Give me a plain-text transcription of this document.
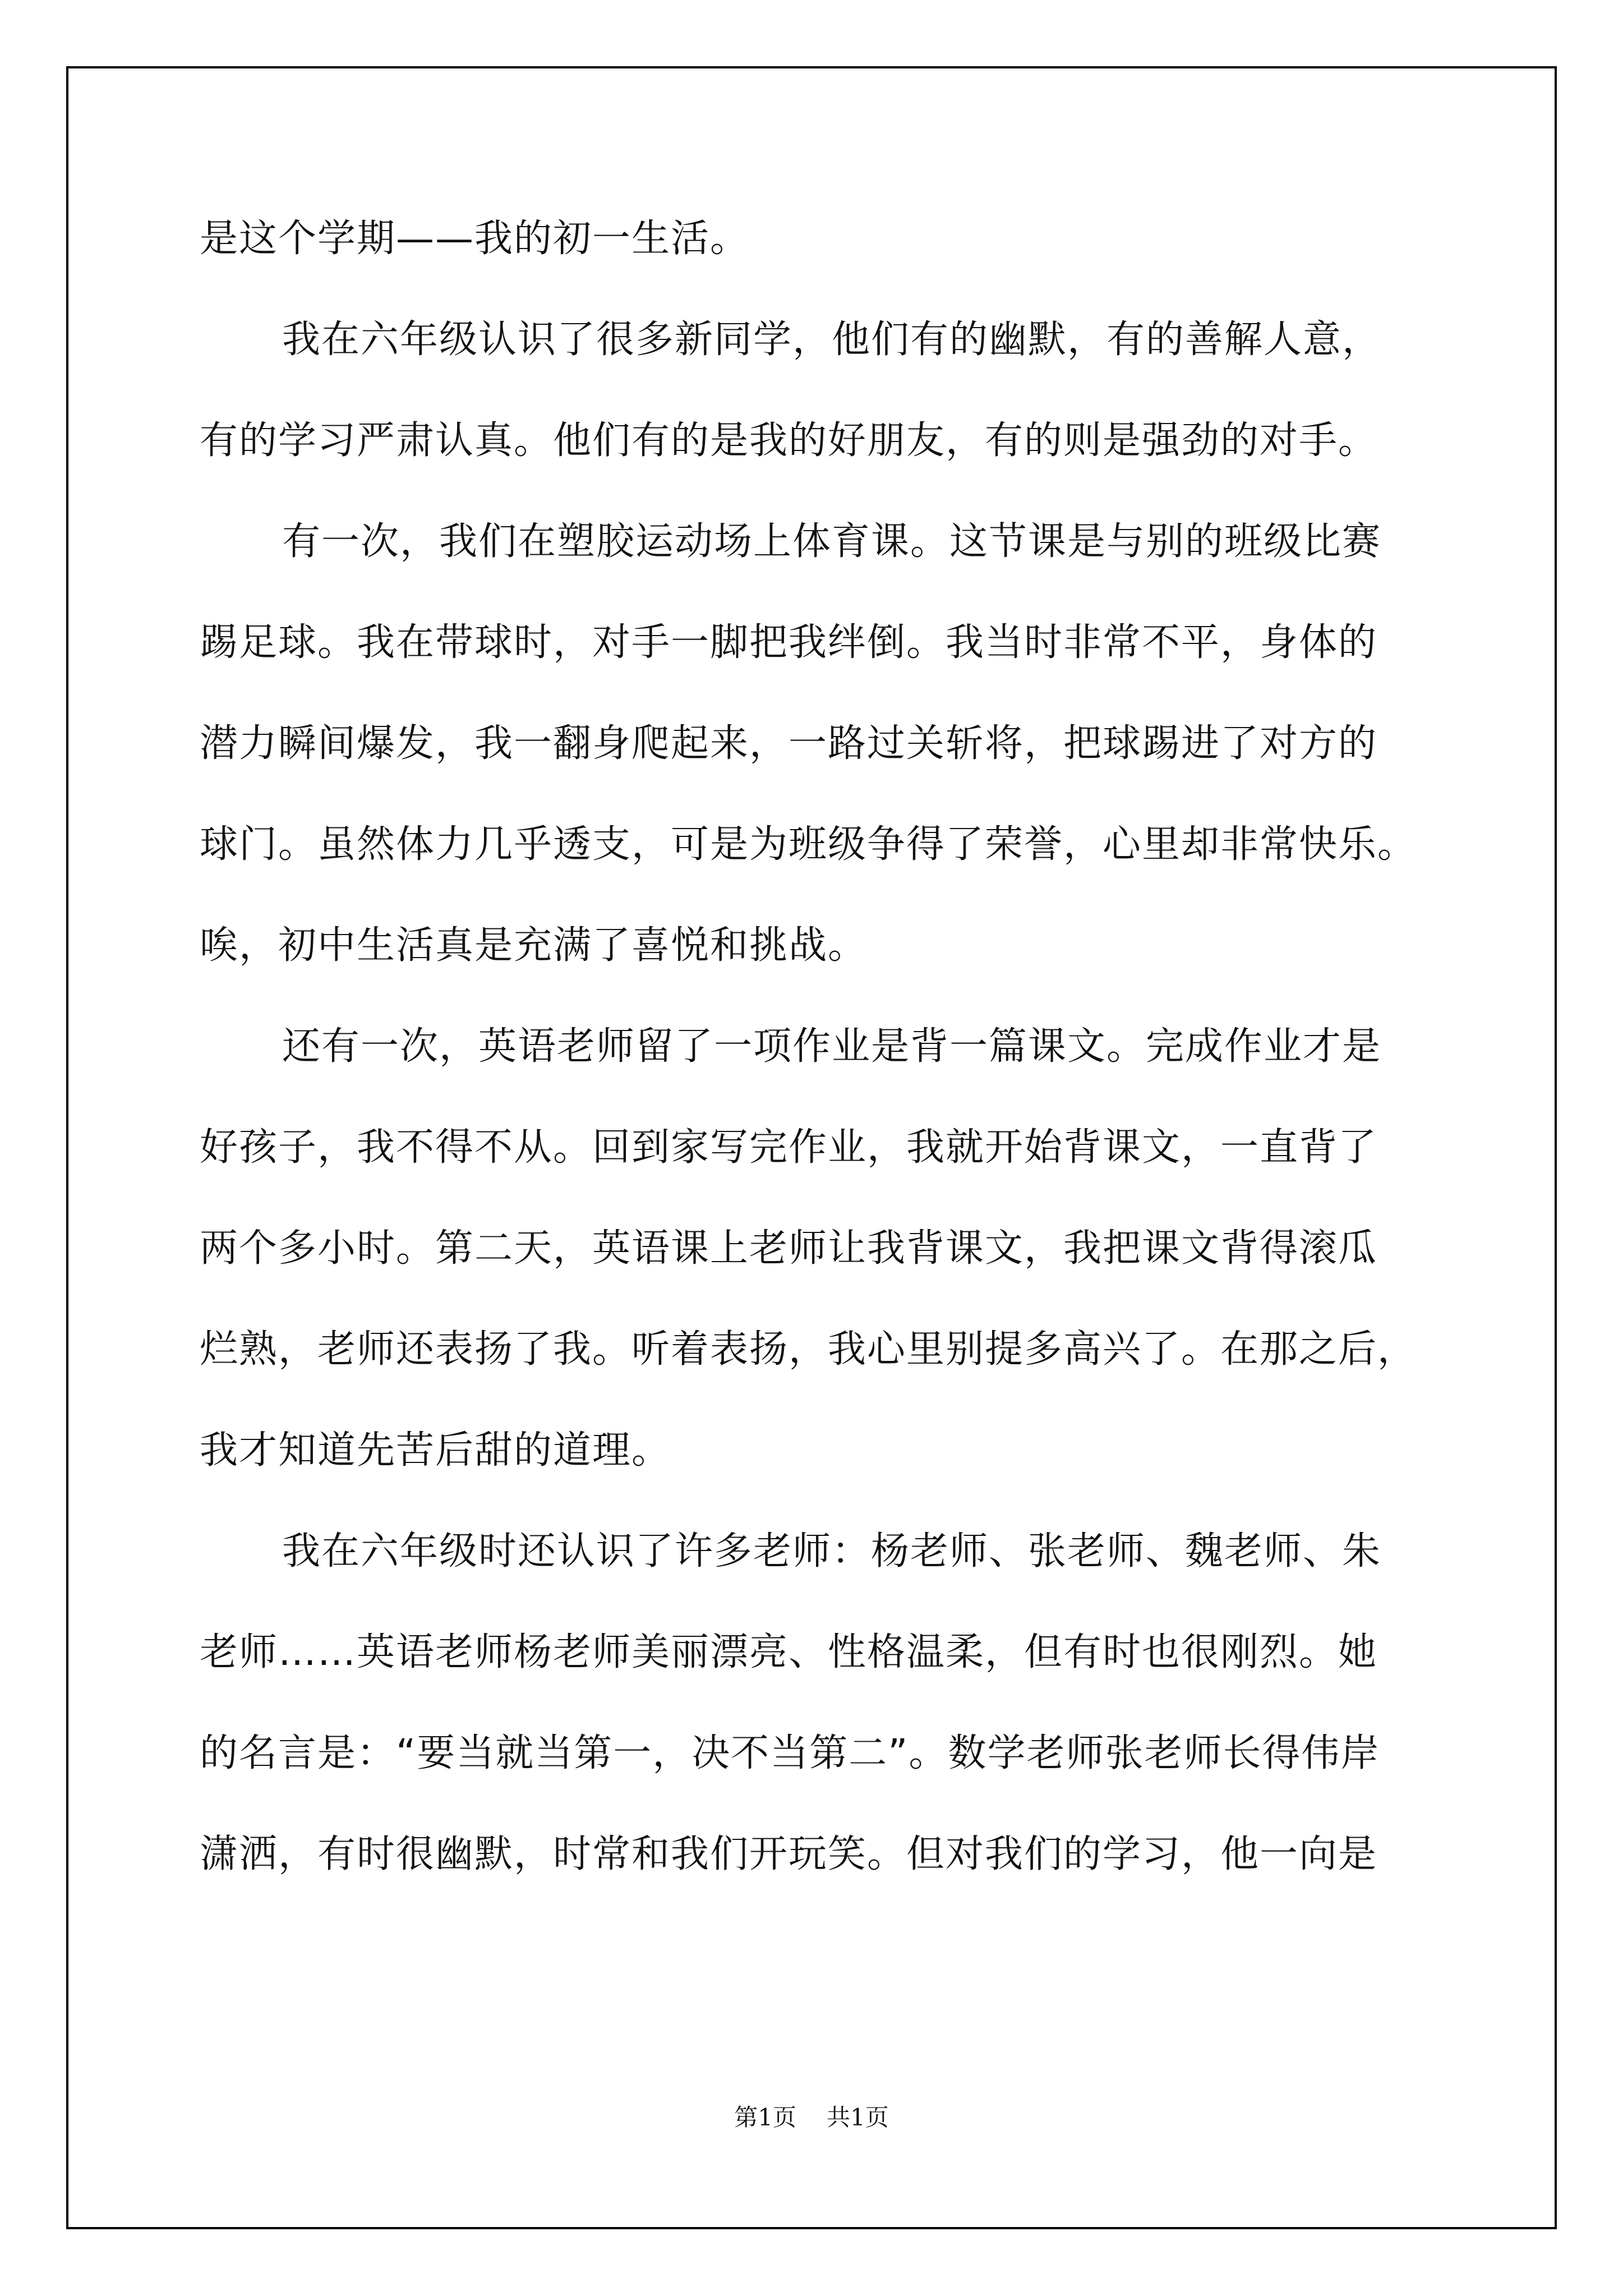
是这个学期——我的初一生活。
我在六年级认识了很多新同学，他们有的幽默，有的善解人意，
有的学习严肃认真。他们有的是我的好朋友，有的则是强劲的对手。
有一次，我们在塑胶运动场上体育课。这节课是与别的班级比赛
踢足球。我在带球时，对手一脚把我绊倒。我当时非常不平，身体的
潜力瞬间爆发，我一翻身爬起来，一路过关斩将，把球踢进了对方的
球门。虽然体力几乎透支，可是为班级争得了荣誉，心里却非常快乐。
唉，初中生活真是充满了喜悦和挑战。
还有一次，英语老师留了一项作业是背一篇课文。完成作业才是
好孩子，我不得不从。回到家写完作业，我就开始背课文，一直背了
两个多小时。第二天，英语课上老师让我背课文，我把课文背得滚瓜
烂熟，老师还表扬了我。听着表扬，我心里别提多高兴了。在那之后，
我才知道先苦后甜的道理。
我在六年级时还认识了许多老师：杨老师、张老师、魏老师、朱
老师……英语老师杨老师美丽漂亮、性格温柔，但有时也很刚烈。她
的名言是：“要当就当第一，决不当第二”。数学老师张老师长得伟岸
潇洒，有时很幽默，时常和我们开玩笑。但对我们的学习，他一向是
第1页 共1页
